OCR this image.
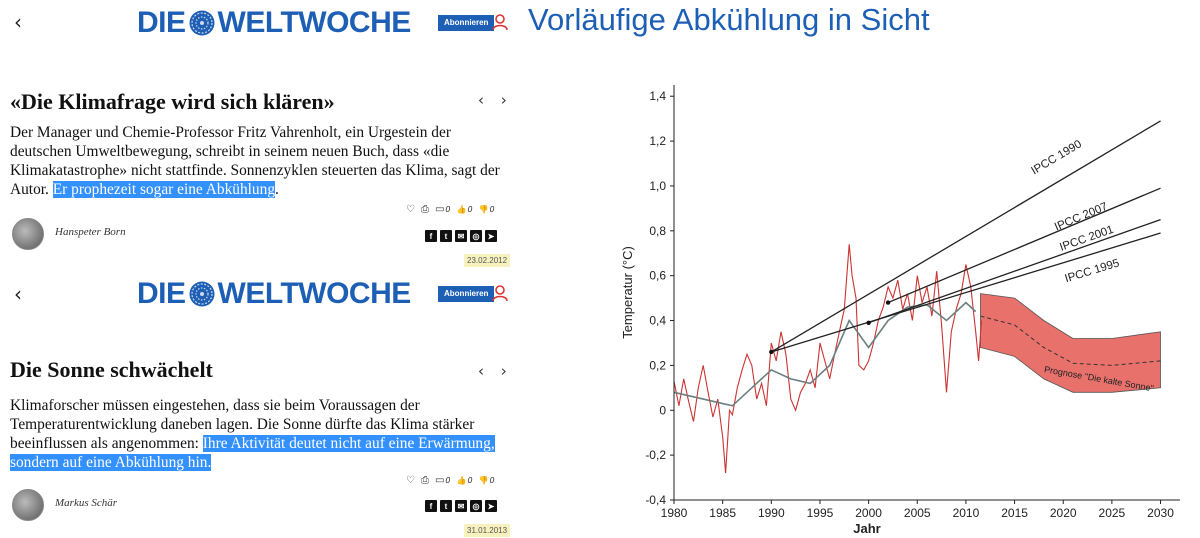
‹	DIE WELTWOCHE	Abonnieren Vorläufige Abkühlung in Sicht
«Die Klimafrage wird sich klären»	‹ ›
Der Manager und Chemie-Professor Fritz Vahrenholt, ein Urgestein der deutschen Umweltbewegung, schreibt in seinem neuen Buch, dass «die Klimakatastrophe» nicht stattfinde. Sonnenzyklen steuerten das Klima, sagt der Autor. Er prophezeit sogar eine Abkühlung.
♡ ⎙ ▭ 0 👍 0 👎 0
Hanspeter Born	f	t	✉	◎	➤
23.02.2012
‹	DIE WELTWOCHE	Abonnieren
Die Sonne schwächelt	‹ ›
Klimaforscher müssen eingestehen, dass sie beim Voraussagen der Temperaturentwicklung daneben lagen. Die Sonne dürfte das Klima stärker beeinflussen als angenommen: Ihre Aktivität deutet nicht auf eine Erwärmung, sondern auf eine Abkühlung hin.
♡ ⎙ ▭ 0 👍 0 👎 0
Markus Schär	f	t	✉	◎	➤
31.01.2013
Prognose "Die kalte Sonne"
IPCC 1990
IPCC 2007
IPCC 2001
IPCC 1995
-0,4
-0,2
0
0,2
0,4
0,6
0,8
1,0
1,2
1,4
1980 1985 1990 1995 2000 2005 2010 2015 2020 2025 2030
Jahr
Temperatur (°C)
